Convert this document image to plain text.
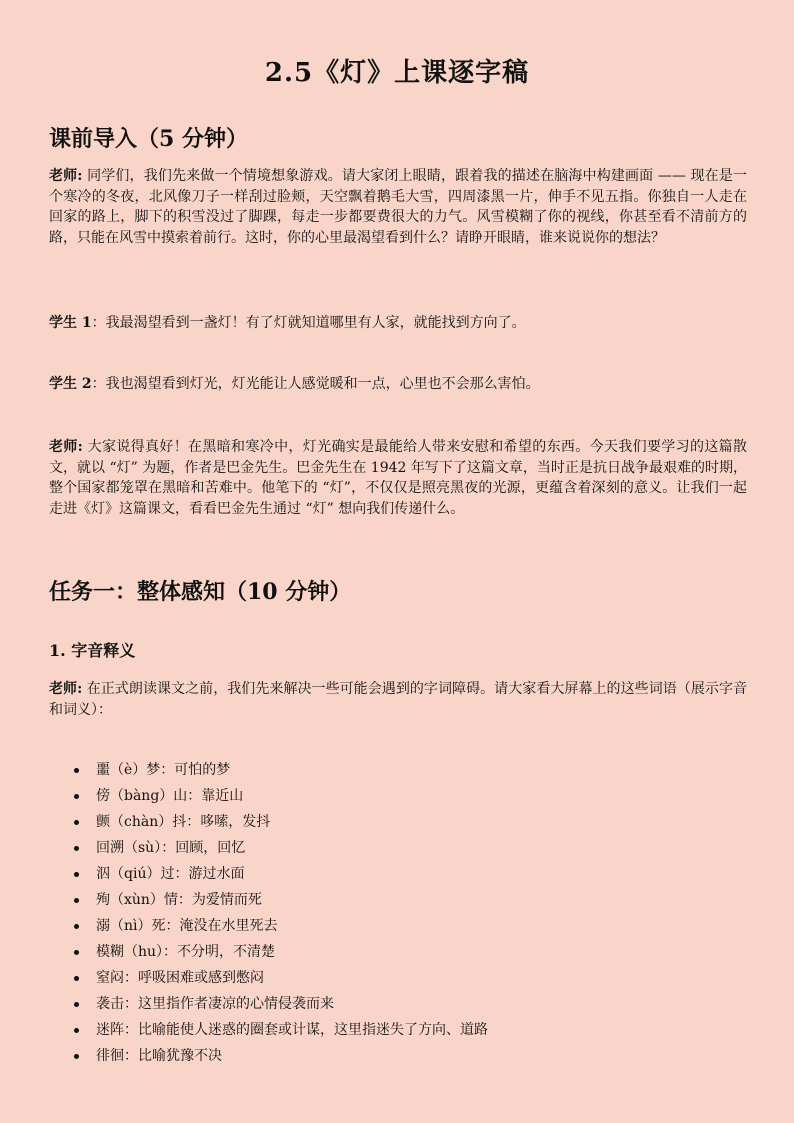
2.5《灯》上课逐字稿
课前导入（5 分钟）

老师: 同学们，我们先来做一个情境想象游戏。请大家闭上眼睛，跟着我的描述在脑海中构建画面 —— 现在是一个寒冷的冬夜，北风像刀子一样刮过脸颊，天空飘着鹅毛大雪，四周漆黑一片，伸手不见五指。你独自一人走在回家的路上，脚下的积雪没过了脚踝，每走一步都要费很大的力气。风雪模糊了你的视线，你甚至看不清前方的路，只能在风雪中摸索着前行。这时，你的心里最渴望看到什么？请睁开眼睛，谁来说说你的想法？

学生 1：我最渴望看到一盏灯！有了灯就知道哪里有人家，就能找到方向了。

学生 2：我也渴望看到灯光，灯光能让人感觉暖和一点，心里也不会那么害怕。

老师: 大家说得真好！在黑暗和寒冷中，灯光确实是最能给人带来安慰和希望的东西。今天我们要学习的这篇散文，就以 “灯” 为题，作者是巴金先生。巴金先生在 1942 年写下了这篇文章，当时正是抗日战争最艰难的时期，整个国家都笼罩在黑暗和苦难中。他笔下的 “灯”，不仅仅是照亮黑夜的光源，更蕴含着深刻的意义。让我们一起走进《灯》这篇课文，看看巴金先生通过 “灯” 想向我们传递什么。

任务一：整体感知（10 分钟）
1. 字音释义

老师: 在正式朗读课文之前，我们先来解决一些可能会遇到的字词障碍。请大家看大屏幕上的这些词语（展示字音和词义）：

噩（è）梦：可怕的梦
傍（bàng）山：靠近山
颤（chàn）抖：哆嗦，发抖
回溯（sù）：回顾，回忆
泅（qiú）过：游过水面
殉（xùn）情：为爱情而死
溺（nì）死：淹没在水里死去
模糊（hu）：不分明，不清楚
窒闷：呼吸困难或感到憋闷
袭击：这里指作者凄凉的心情侵袭而来
迷阵：比喻能使人迷惑的圈套或计谋，这里指迷失了方向、道路
徘徊：比喻犹豫不决
